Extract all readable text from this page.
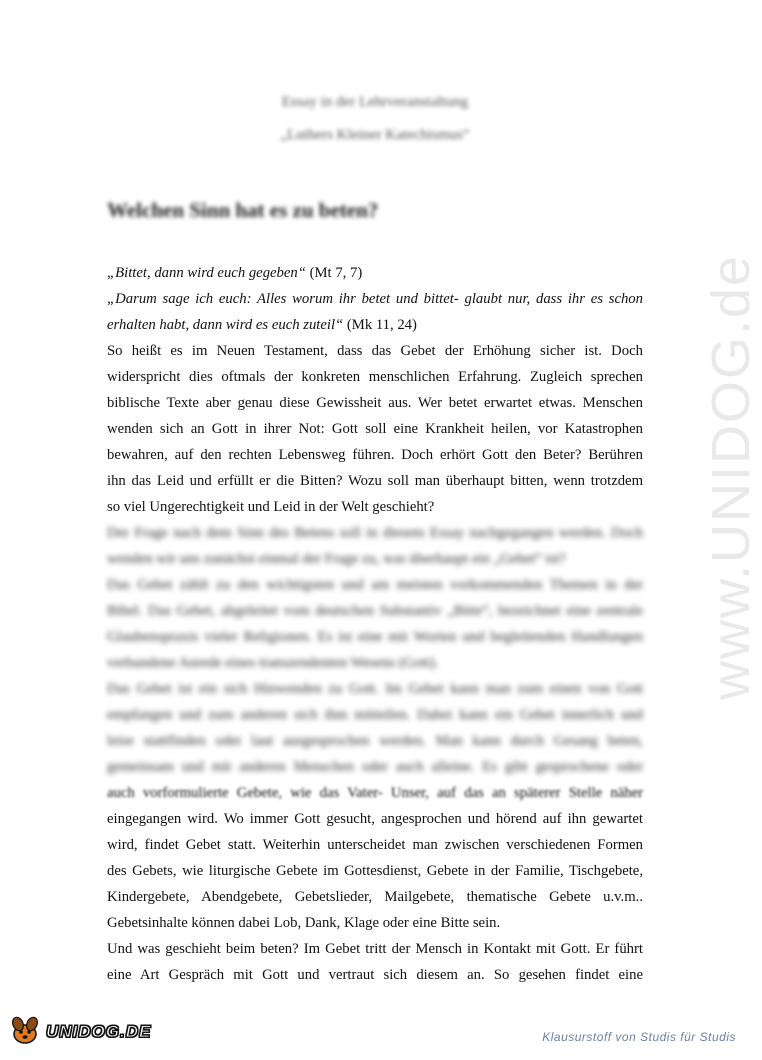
Essay in der Lehrveranstaltung
„Luthers Kleiner Katechismus“
Welchen Sinn hat es zu beten?
„Bittet, dann wird euch gegeben“ (Mt 7, 7)
„Darum sage ich euch: Alles worum ihr betet und bittet- glaubt nur, dass ihr es schon
erhalten habt, dann wird es euch zuteil“ (Mk 11, 24)
So heißt es im Neuen Testament, dass das Gebet der Erhöhung sicher ist. Doch
widerspricht dies oftmals der konkreten menschlichen Erfahrung. Zugleich sprechen
biblische Texte aber genau diese Gewissheit aus. Wer betet erwartet etwas. Menschen
wenden sich an Gott in ihrer Not: Gott soll eine Krankheit heilen, vor Katastrophen
bewahren, auf den rechten Lebensweg führen. Doch erhört Gott den Beter? Berühren
ihn das Leid und erfüllt er die Bitten? Wozu soll man überhaupt bitten, wenn trotzdem
so viel Ungerechtigkeit und Leid in der Welt geschieht?
Der Frage nach dem Sinn des Betens soll in diesem Essay nachgegangen werden. Doch
wenden wir uns zunächst einmal der Frage zu, was überhaupt ein „Gebet“ ist?
Das Gebet zählt zu den wichtigsten und am meisten vorkommenden Themen in der
Bibel. Das Gebet, abgeleitet vom deutschen Substantiv „Bitte“, bezeichnet eine zentrale
Glaubenspraxis vieler Religionen. Es ist eine mit Worten und begleitenden Handlungen
verbundene Anrede eines transzendenten Wesens (Gott).
Das Gebet ist ein sich Hinwenden zu Gott. Im Gebet kann man zum einen von Gott
empfangen und zum anderen sich ihm mitteilen. Dabei kann ein Gebet innerlich und
leise stattfinden oder laut ausgesprochen werden. Man kann durch Gesang beten,
gemeinsam und mit anderen Menschen oder auch alleine. Es gibt gesprochene oder
auch vorformulierte Gebete, wie das Vater- Unser, auf das an späterer Stelle näher
eingegangen wird. Wo immer Gott gesucht, angesprochen und hörend auf ihn gewartet
wird, findet Gebet statt. Weiterhin unterscheidet man zwischen verschiedenen Formen
des Gebets, wie liturgische Gebete im Gottesdienst, Gebete in der Familie, Tischgebete,
Kindergebete, Abendgebete, Gebetslieder, Mailgebete, thematische Gebete u.v.m..
Gebetsinhalte können dabei Lob, Dank, Klage oder eine Bitte sein.
Und was geschieht beim beten? Im Gebet tritt der Mensch in Kontakt mit Gott. Er führt
eine Art Gespräch mit Gott und vertraut sich diesem an. So gesehen findet eine
www.UNIDOG.de
UNIDOG.DE	Klausurstoff von Studis für Studis
